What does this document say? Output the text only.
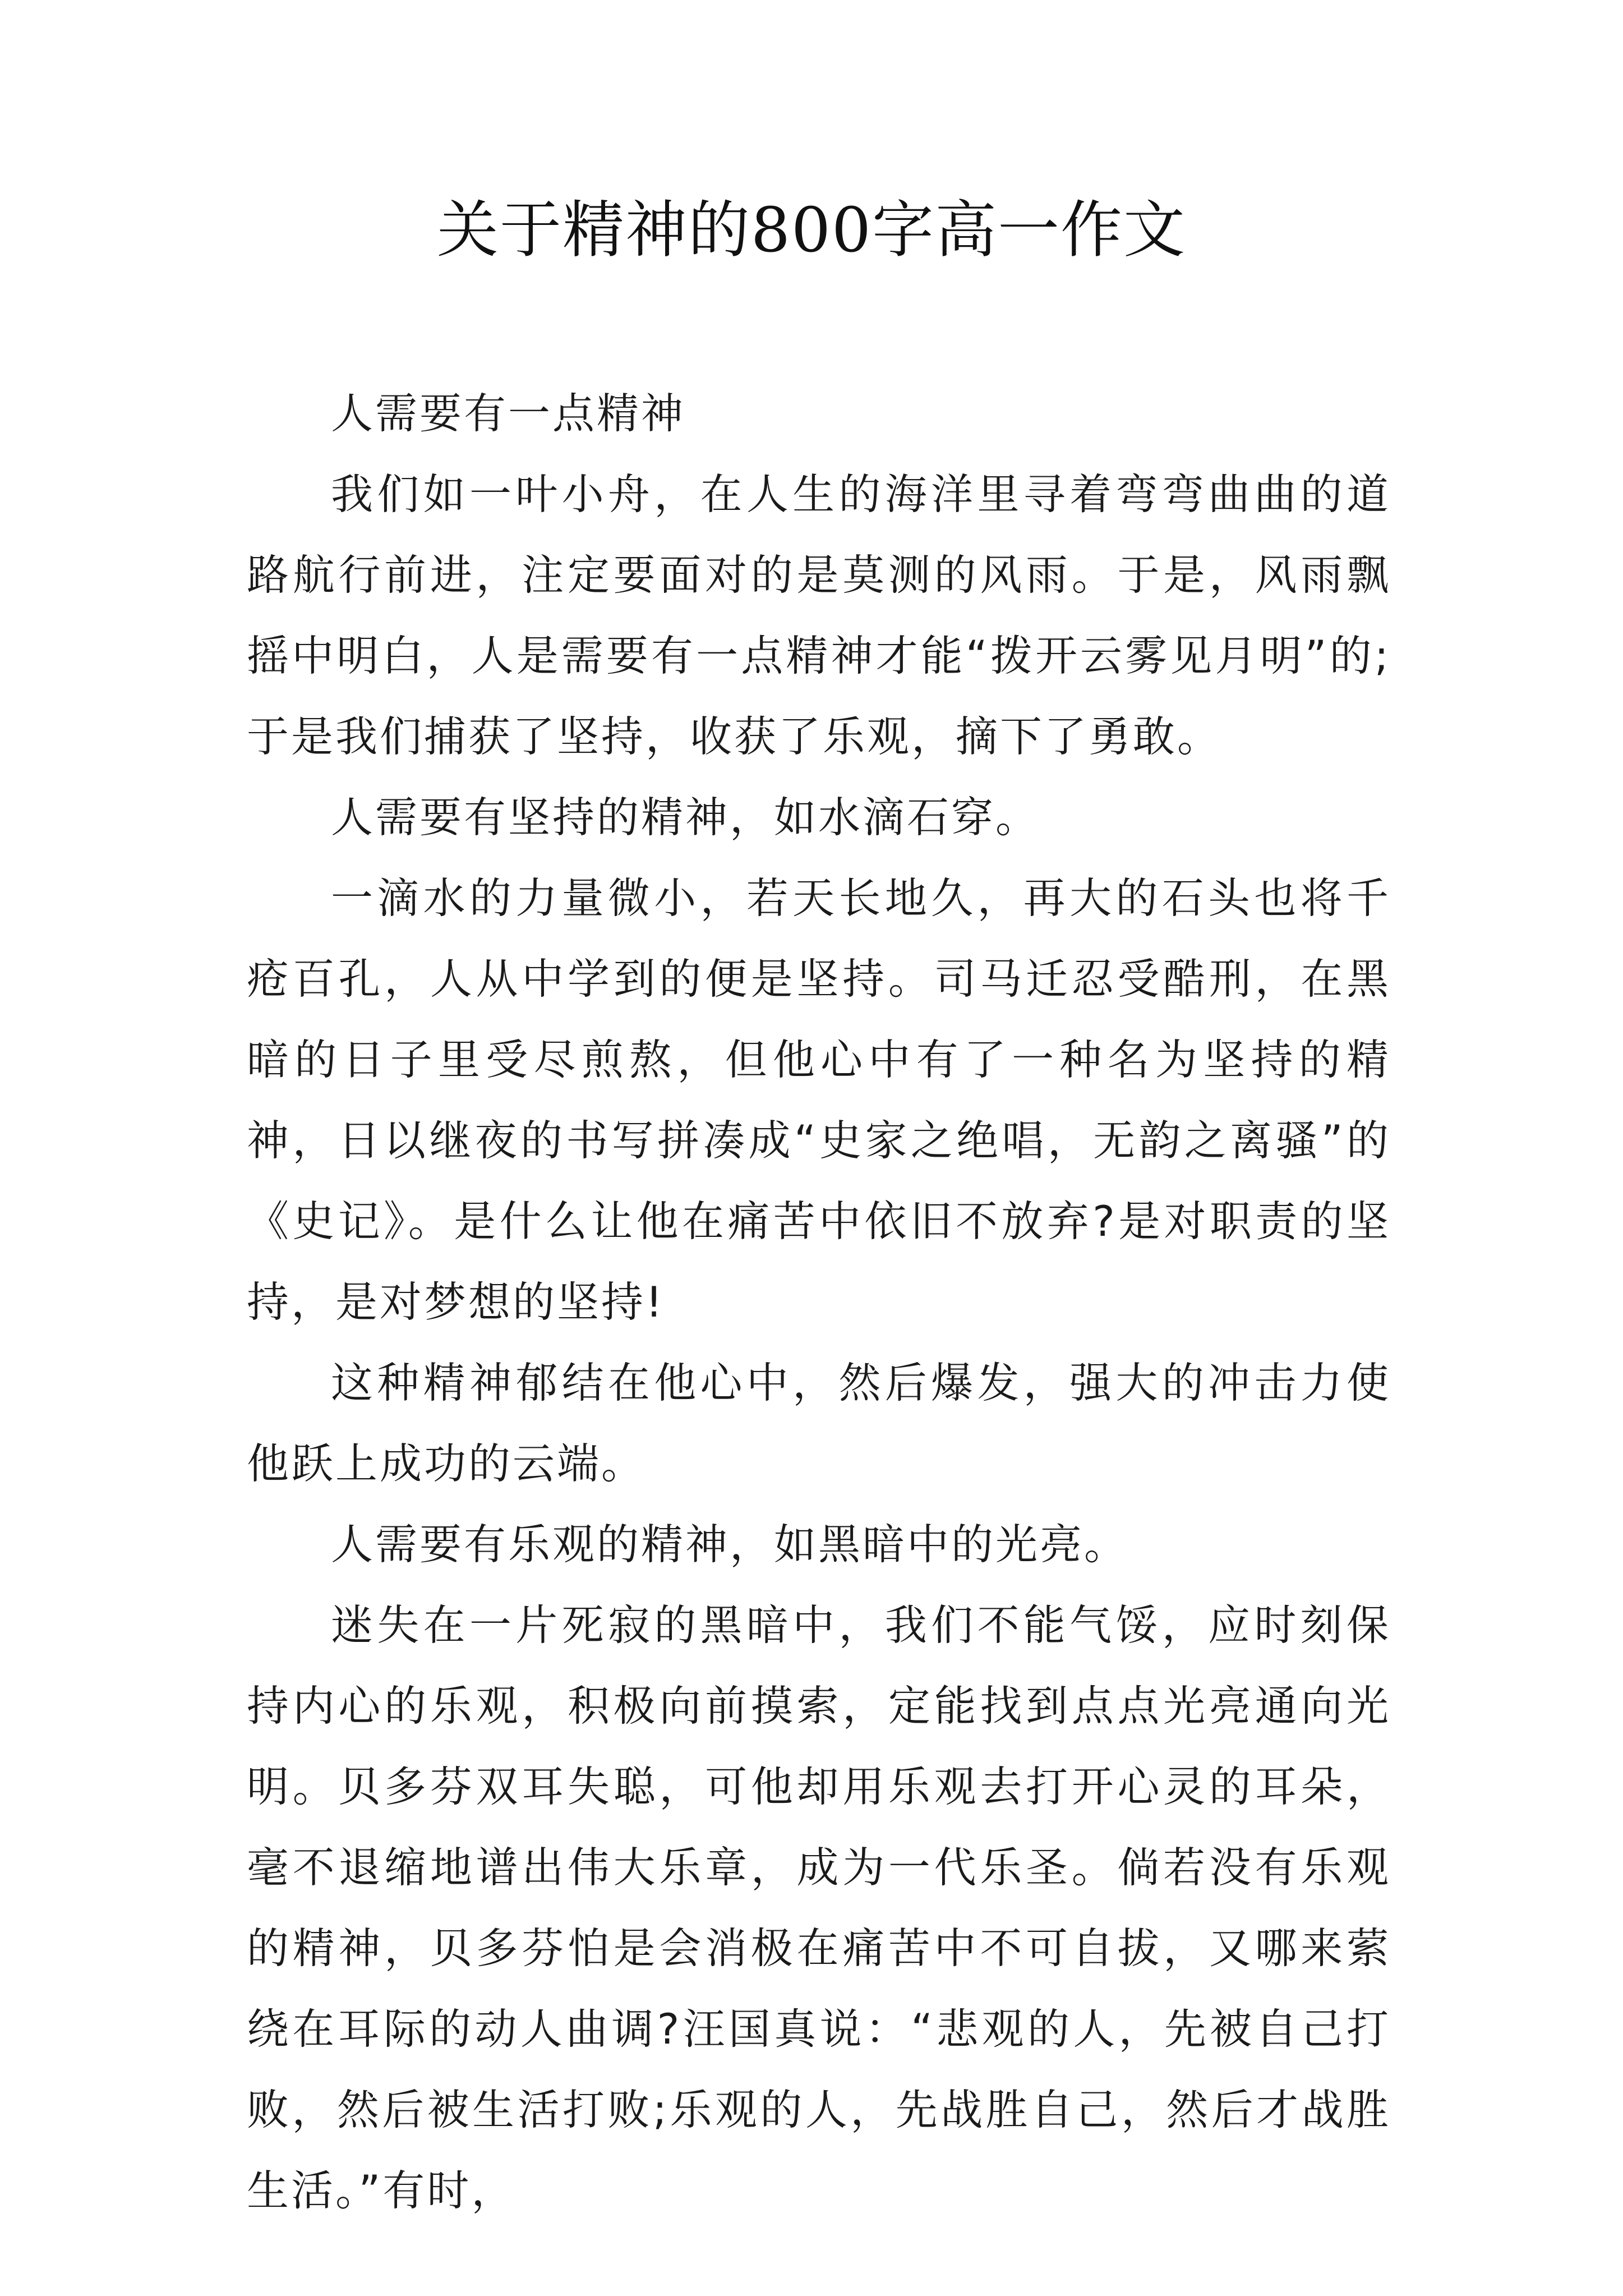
关于精神的800字高一作文

人需要有一点精神

我们如一叶小舟，在人生的海洋里寻着弯弯曲曲的道路航行前进，注定要面对的是莫测的风雨。于是，风雨飘摇中明白，人是需要有一点精神才能“拨开云雾见月明”的;于是我们捕获了坚持，收获了乐观，摘下了勇敢。

人需要有坚持的精神，如水滴石穿。

一滴水的力量微小，若天长地久，再大的石头也将千疮百孔，人从中学到的便是坚持。司马迁忍受酷刑，在黑暗的日子里受尽煎熬，但他心中有了一种名为坚持的精神，日以继夜的书写拼凑成“史家之绝唱，无韵之离骚”的《史记》。是什么让他在痛苦中依旧不放弃?是对职责的坚持，是对梦想的坚持!

这种精神郁结在他心中，然后爆发，强大的冲击力使他跃上成功的云端。

人需要有乐观的精神，如黑暗中的光亮。

迷失在一片死寂的黑暗中，我们不能气馁，应时刻保持内心的乐观，积极向前摸索，定能找到点点光亮通向光明。贝多芬双耳失聪，可他却用乐观去打开心灵的耳朵，毫不退缩地谱出伟大乐章，成为一代乐圣。倘若没有乐观的精神，贝多芬怕是会消极在痛苦中不可自拔，又哪来萦绕在耳际的动人曲调?汪国真说：“悲观的人，先被自己打败，然后被生活打败;乐观的人，先战胜自己，然后才战胜生活。”有时，
